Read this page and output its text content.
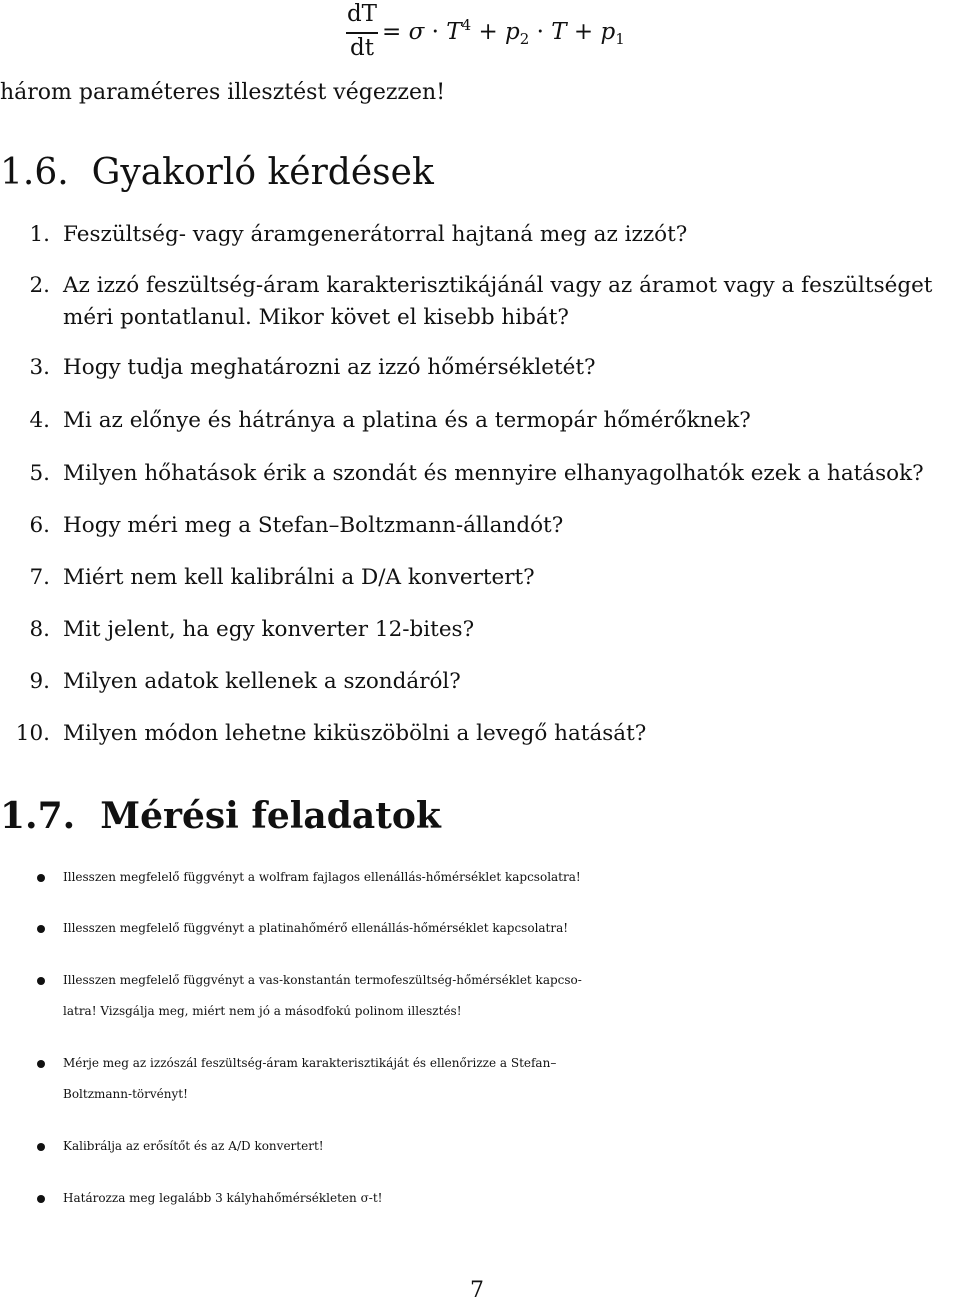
dT
dt
= $\sigma \cdot T^4 + p_2 \cdot T + p_1$
három paraméteres illesztést végezzen!
1.6. Gyakorló kérdések
1. Feszültség- vagy áramgenerátorral hajtaná meg az izzót?
2. Az izzó feszültség-áram karakterisztikájánál vagy az áramot vagy a feszültséget
méri pontatlanul. Mikor követ el kisebb hibát?
3. Hogy tudja meghatározni az izzó hőmérsékletét?
4. Mi az előnye és hátránya a platina és a termopár hőmérőknek?
5. Milyen hőhatások érik a szondát és mennyire elhanyagolhatók ezek a hatások?
6. Hogy méri meg a Stefan–Boltzmann-állandót?
7. Miért nem kell kalibrálni a D/A konvertert?
8. Mit jelent, ha egy konverter 12-bites?
9. Milyen adatok kellenek a szondáról?
10. Milyen módon lehetne kiküszöbölni a levegő hatását?
1.7. Mérési feladatok
Illesszen megfelelő függvényt a wolfram fajlagos ellenállás-hőmérséklet kapcsolatra!
Illesszen megfelelő függvényt a platinahőmérő ellenállás-hőmérséklet kapcsolatra!
Illesszen megfelelő függvényt a vas-konstantán termofeszültség-hőmérséklet kapcso-
latra! Vizsgálja meg, miért nem jó a másodfokú polinom illesztés!
Mérje meg az izzószál feszültség-áram karakterisztikáját és ellenőrizze a Stefan–
Boltzmann-törvényt!
Kalibrálja az erősítőt és az A/D konvertert!
Határozza meg legalább 3 kályhahőmérsékleten σ-t!
7
